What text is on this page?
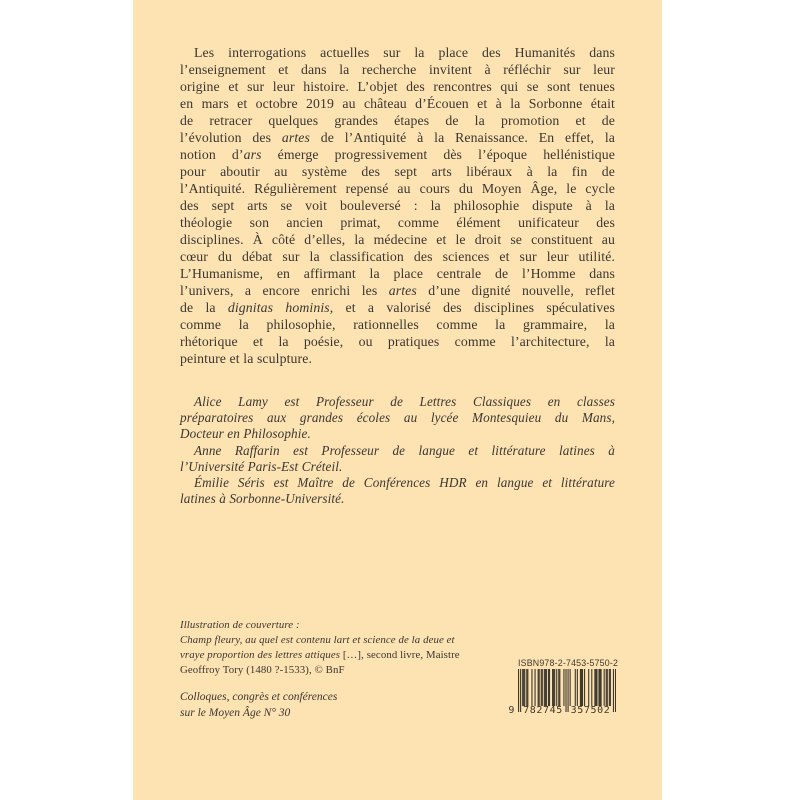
Les interrogations actuelles sur la place des Humanités dans
l’enseignement et dans la recherche invitent à réfléchir sur leur
origine et sur leur histoire. L’objet des rencontres qui se sont tenues
en mars et octobre 2019 au château d’Écouen et à la Sorbonne était
de retracer quelques grandes étapes de la promotion et de
l’évolution des artes de l’Antiquité à la Renaissance. En effet, la
notion d’ars émerge progressivement dès l’époque hellénistique
pour aboutir au système des sept arts libéraux à la fin de
l’Antiquité. Régulièrement repensé au cours du Moyen Âge, le cycle
des sept arts se voit bouleversé : la philosophie dispute à la
théologie son ancien primat, comme élément unificateur des
disciplines. À côté d’elles, la médecine et le droit se constituent au
cœur du débat sur la classification des sciences et sur leur utilité.
L’Humanisme, en affirmant la place centrale de l’Homme dans
l’univers, a encore enrichi les artes d’une dignité nouvelle, reflet
de la dignitas hominis, et a valorisé des disciplines spéculatives
comme la philosophie, rationnelles comme la grammaire, la
rhétorique et la poésie, ou pratiques comme l’architecture, la
peinture et la sculpture.
Alice Lamy est Professeur de Lettres Classiques en classes
préparatoires aux grandes écoles au lycée Montesquieu du Mans,
Docteur en Philosophie.
Anne Raffarin est Professeur de langue et littérature latines à
l’Université Paris-Est Créteil.
Émilie Séris est Maître de Conférences HDR en langue et littérature
latines à Sorbonne-Université.
Illustration de couverture :
Champ fleury, au quel est contenu lart et science de la deue et
vraye proportion des lettres attiques […], second livre, Maistre
Geoffroy Tory (1480 ?-1533), © BnF
Colloques, congrès et conférences
sur le Moyen Âge N° 30
ISBN 978-2-7453-5750-2
9 782745 357502
